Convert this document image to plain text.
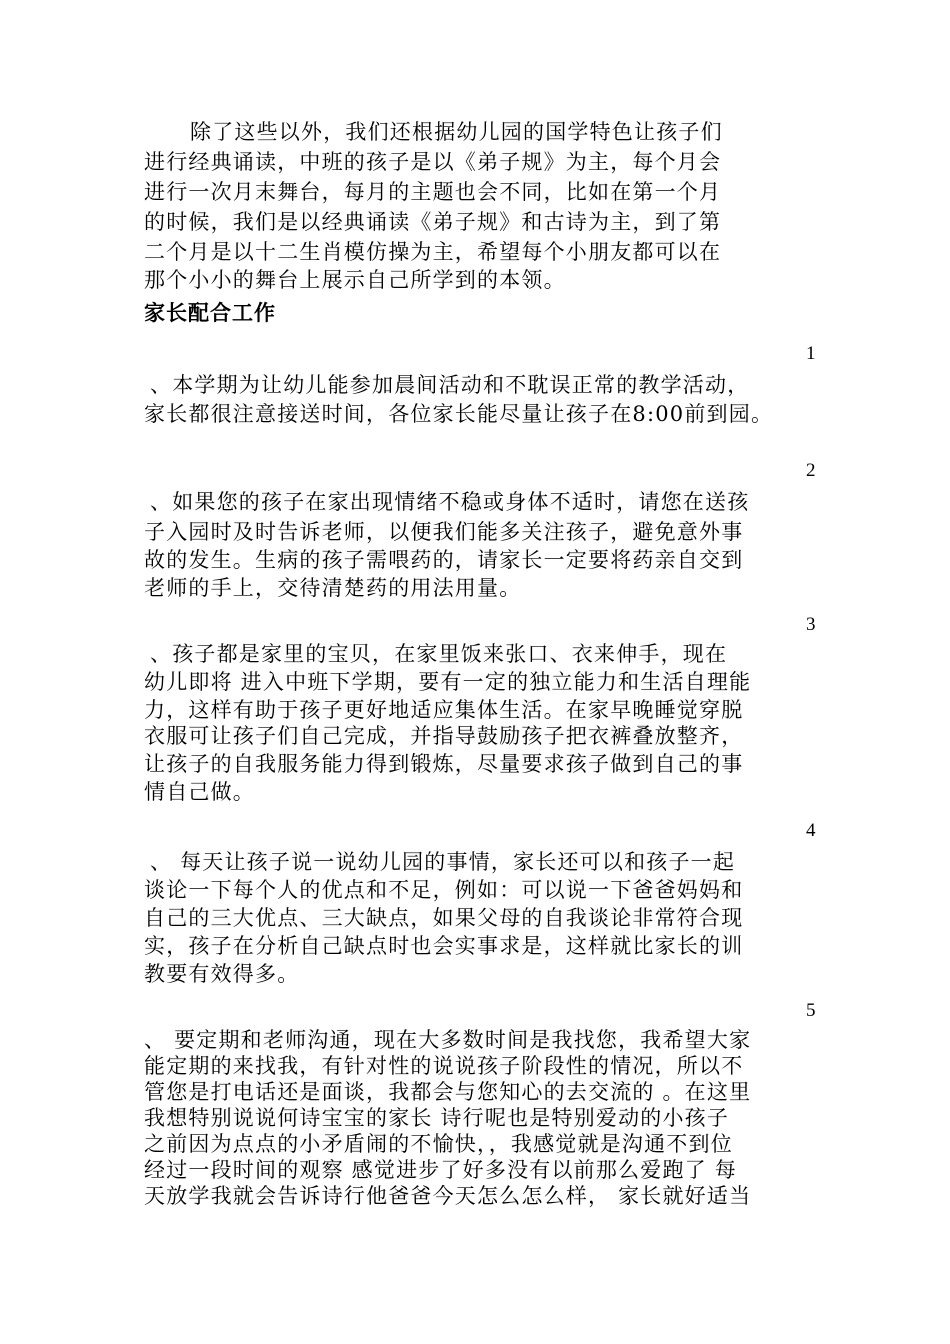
除了这些以外，我们还根据幼儿园的国学特色让孩子们
进行经典诵读，中班的孩子是以《弟子规》为主，每个月会
进行一次月末舞台，每月的主题也会不同，比如在第一个月
的时候，我们是以经典诵读《弟子规》和古诗为主，到了第
二个月是以十二生肖模仿操为主，希望每个小朋友都可以在
那个小小的舞台上展示自己所学到的本领。
家长配合工作
1
、本学期为让幼儿能参加晨间活动和不耽误正常的教学活动，
家长都很注意接送时间，各位家长能尽量让孩子在8:00前到园。
2
、如果您的孩子在家出现情绪不稳或身体不适时，请您在送孩
子入园时及时告诉老师，以便我们能多关注孩子，避免意外事
故的发生。生病的孩子需喂药的，请家长一定要将药亲自交到
老师的手上，交待清楚药的用法用量。
3
、孩子都是家里的宝贝，在家里饭来张口、衣来伸手，现在
幼儿即将 进入中班下学期，要有一定的独立能力和生活自理能
力，这样有助于孩子更好地适应集体生活。在家早晚睡觉穿脱
衣服可让孩子们自己完成，并指导鼓励孩子把衣裤叠放整齐，
让孩子的自我服务能力得到锻炼，尽量要求孩子做到自己的事
情自己做。
4
、 每天让孩子说一说幼儿园的事情，家长还可以和孩子一起
谈论一下每个人的优点和不足，例如：可以说一下爸爸妈妈和
自己的三大优点、三大缺点，如果父母的自我谈论非常符合现
实，孩子在分析自己缺点时也会实事求是，这样就比家长的训
教要有效得多。
5
、 要定期和老师沟通，现在大多数时间是我找您，我希望大家
能定期的来找我，有针对性的说说孩子阶段性的情况，所以不
管您是打电话还是面谈，我都会与您知心的去交流的 。在这里
我想特别说说何诗宝宝的家长 诗行呢也是特别爱动的小孩子
之前因为点点的小矛盾闹的不愉快，，我感觉就是沟通不到位
经过一段时间的观察 感觉进步了好多没有以前那么爱跑了 每
天放学我就会告诉诗行他爸爸今天怎么怎么样， 家长就好适当
